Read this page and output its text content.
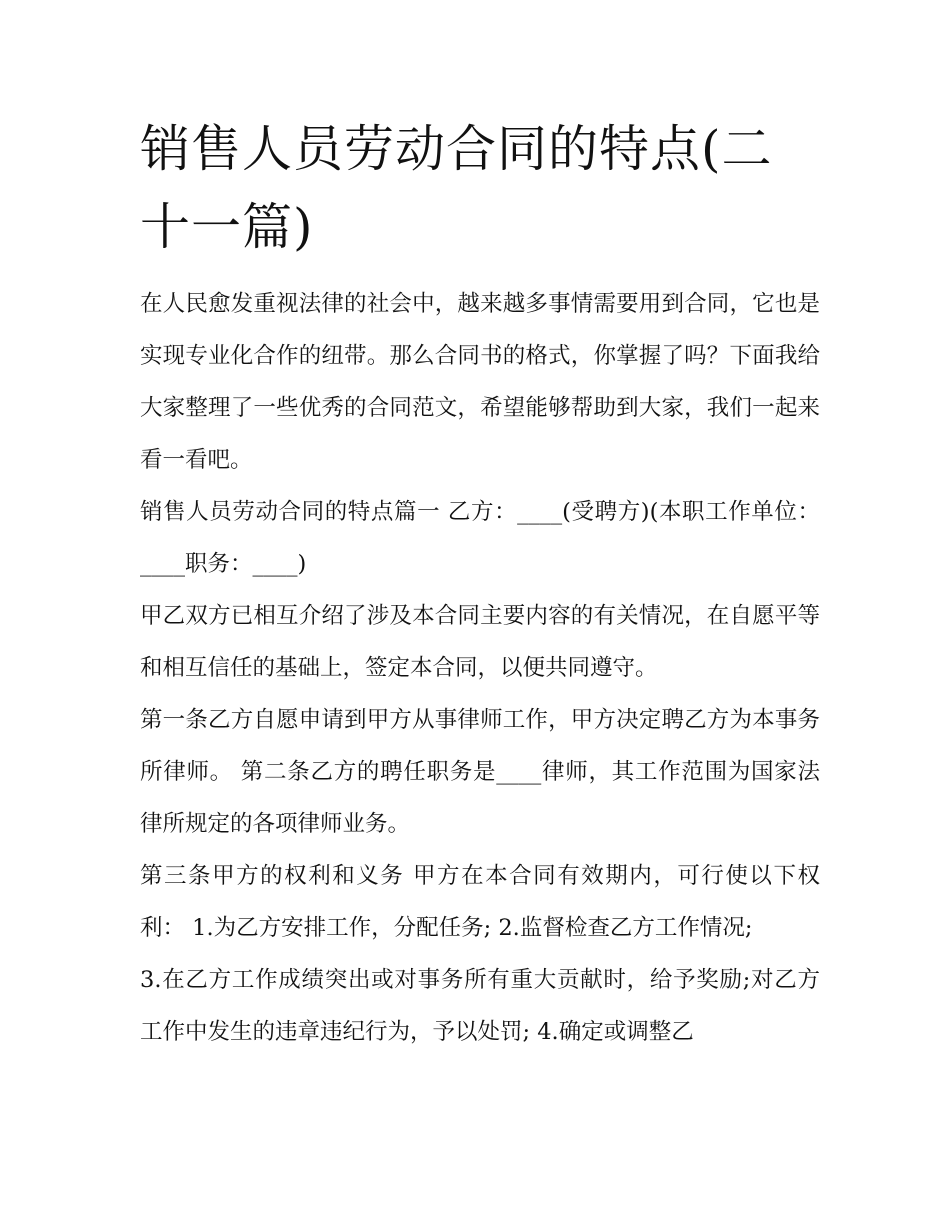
销售人员劳动合同的特点(二十一篇)

在人民愈发重视法律的社会中，越来越多事情需要用到合同，它也是实现专业化合作的纽带。那么合同书的格式，你掌握了吗？下面我给大家整理了一些优秀的合同范文，希望能够帮助到大家，我们一起来看一看吧。

销售人员劳动合同的特点篇一 乙方：____(受聘方)(本职工作单位：____职务：____)

甲乙双方已相互介绍了涉及本合同主要内容的有关情况，在自愿平等和相互信任的基础上，签定本合同，以便共同遵守。

第一条乙方自愿申请到甲方从事律师工作，甲方决定聘乙方为本事务所律师。 第二条乙方的聘任职务是____律师，其工作范围为国家法律所规定的各项律师业务。

第三条甲方的权利和义务 甲方在本合同有效期内，可行使以下权利： 1.为乙方安排工作，分配任务; 2.监督检查乙方工作情况;

3.在乙方工作成绩突出或对事务所有重大贡献时，给予奖励;对乙方工作中发生的违章违纪行为，予以处罚; 4.确定或调整乙
